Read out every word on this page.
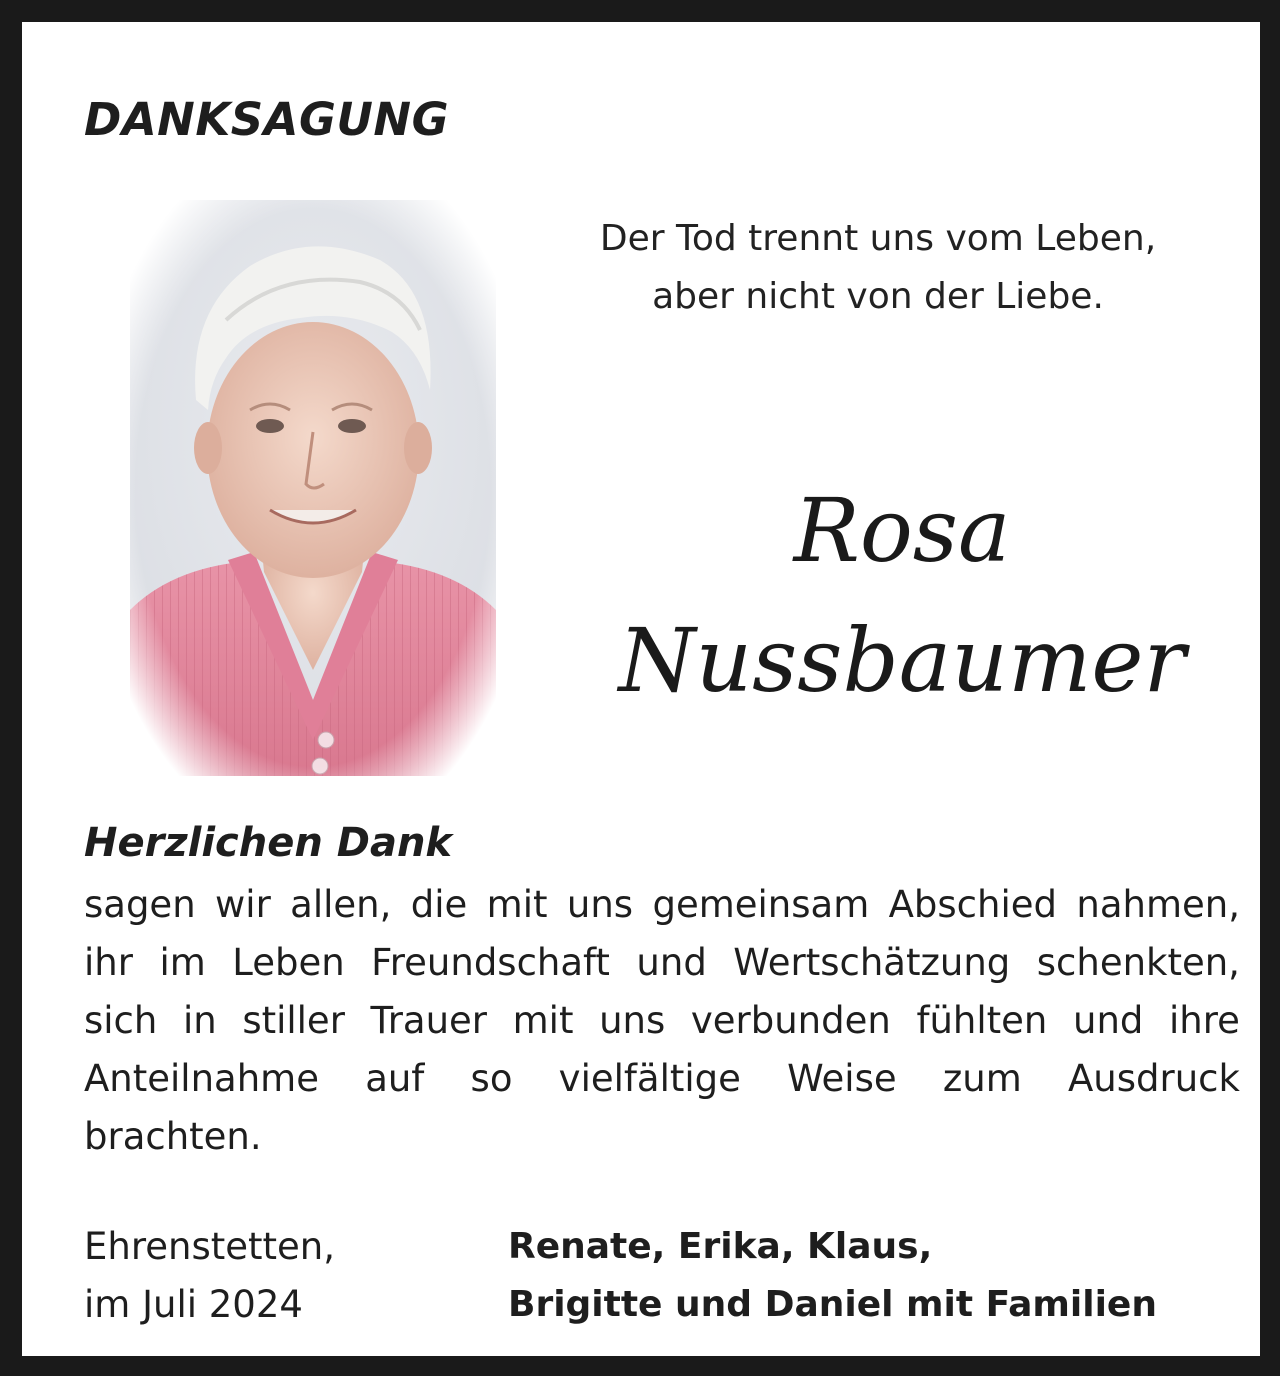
DANKSAGUNG
Der Tod trennt uns vom Leben,
aber nicht von der Liebe.
Rosa
Nussbaumer
Herzlichen Dank
sagen wir allen, die mit uns gemeinsam Abschied nahmen,
ihr im Leben Freundschaft und Wertschätzung schenkten,
sich in stiller Trauer mit uns verbunden fühlten und ihre
Anteilnahme auf so vielfältige Weise zum Ausdruck
brachten.
Ehrenstetten,
im Juli 2024
Renate, Erika, Klaus,
Brigitte und Daniel mit Familien
